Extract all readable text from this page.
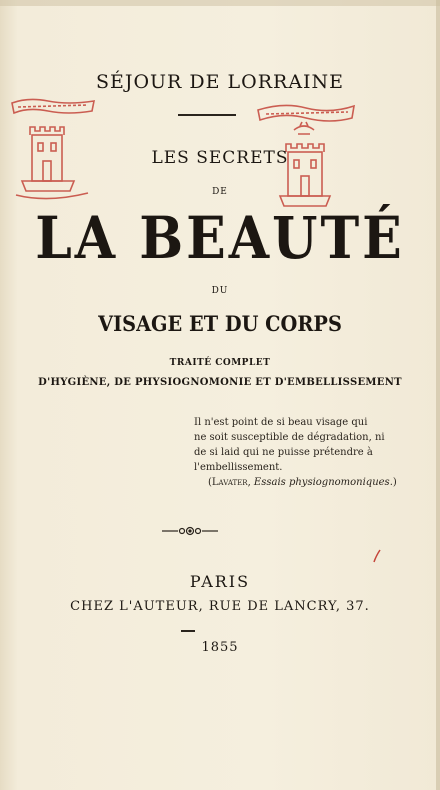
SÉJOUR DE LORRAINE
LES SECRETS
DE
LA BEAUTÉ
DU
VISAGE ET DU CORPS
TRAITÉ COMPLET
D'HYGIÈNE, DE PHYSIOGNOMONIE ET D'EMBELLISSEMENT
Il n'est point de si beau visage qui
ne soit susceptible de dégradation, ni
de si laid qui ne puisse prétendre à
l'embellissement.
(Lavater, Essais physiognomoniques.)
PARIS
CHEZ L'AUTEUR, RUE DE LANCRY, 37.
1855
